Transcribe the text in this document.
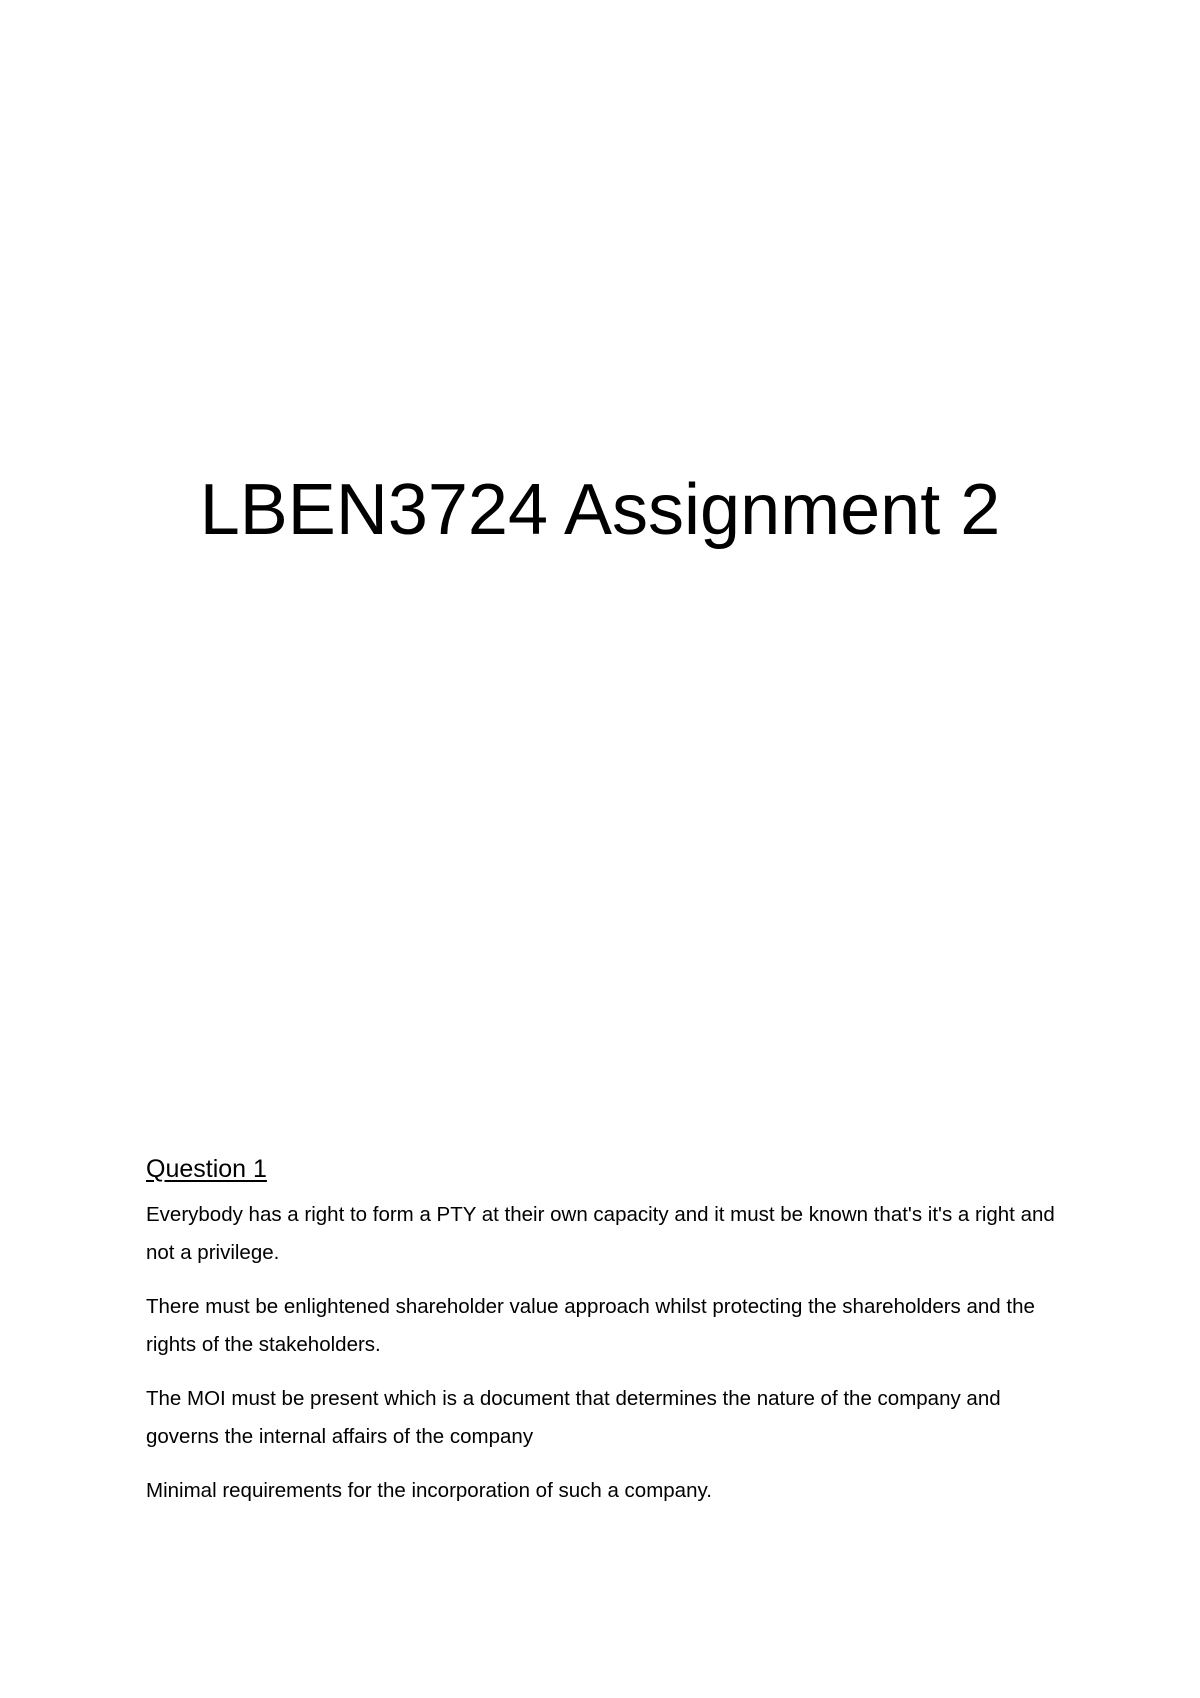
LBEN3724 Assignment 2
Question 1

Everybody has a right to form a PTY at their own capacity and it must be known that's it's a right and not a privilege.

There must be enlightened shareholder value approach whilst protecting the shareholders and the rights of the stakeholders.

The MOI must be present which is a document that determines the nature of the company and governs the internal affairs of the company

Minimal requirements for the incorporation of such a company.
